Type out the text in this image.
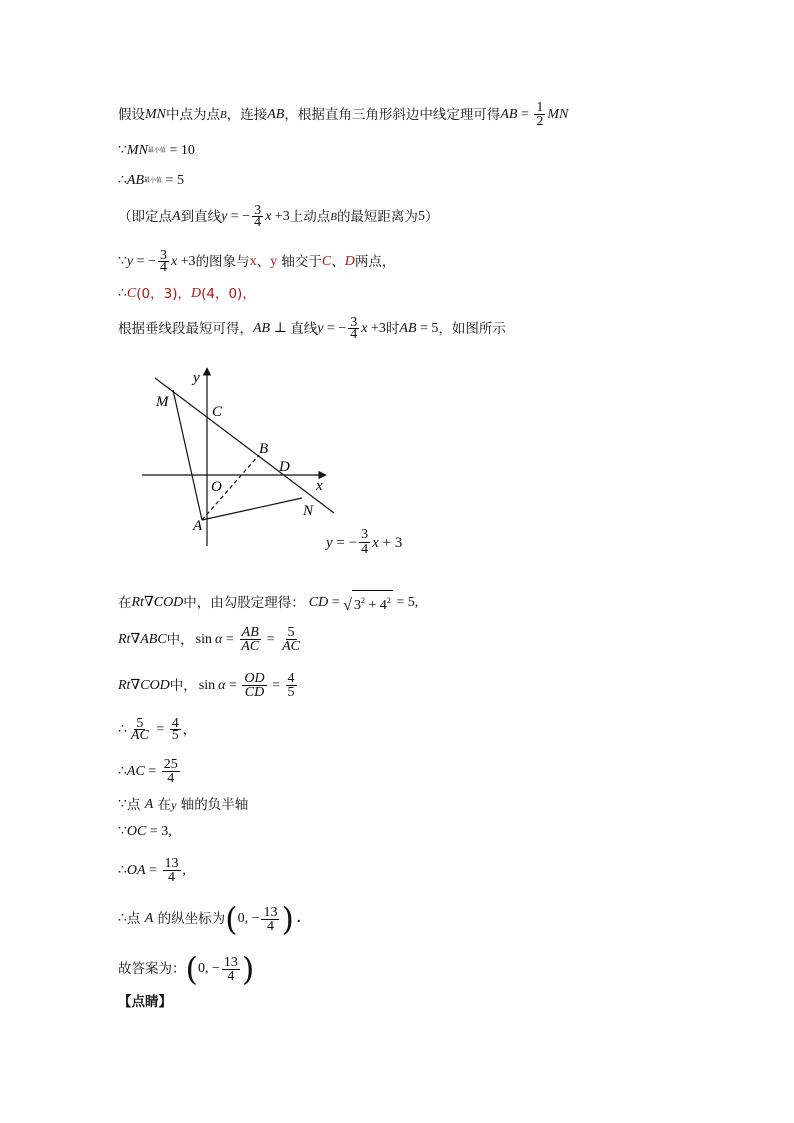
假设 MN 中点为点 B ，连接 AB ，根据直角三角形斜边中线定理可得 AB = $\frac{1}{2}$ MN
∵ MN 最小值 = 10
∴ AB 最小值 = 5
（即定点 A 到直线 y = − $\frac{3}{4}$ x +3 上动点 B 的最短距离为 5 ）
∵ y = − $\frac{3}{4}$ x +3 的图象与 x 、 y 轴交于 C 、 D 两点，
∴ C (0，3)， D (4，0)，
根据垂线段最短可得， AB ⊥ 直线 y = − $\frac{3}{4}$ x +3 时 AB = 5 ，如图所示
y
M
C
B
D
x
O
A
N
y = − $\frac{3}{4}$ x + 3
在 Rt ∇COD 中，由勾股定理得： CD = √ $3^2 + 4^2 = 5$,
Rt ∇ABC 中， $\sin \alpha = \frac{AB}{AC} = \frac{5}{AC}$
Rt ∇COD 中， $\sin \alpha = \frac{OD}{CD} = \frac{4}{5}$
∴ $\frac{5}{AC} = \frac{4}{5}$ ，
∴ AC = $\frac{25}{4}$
∵ 点 A 在 y 轴的负半轴
∵ OC = 3,
∴ OA = $\frac{13}{4}$ ,
∴ 点 A 的纵坐标为 ( 0, − $\frac{13}{4}$ ) .
故答案为： ( 0, − $\frac{13}{4}$ )
【点睛】
